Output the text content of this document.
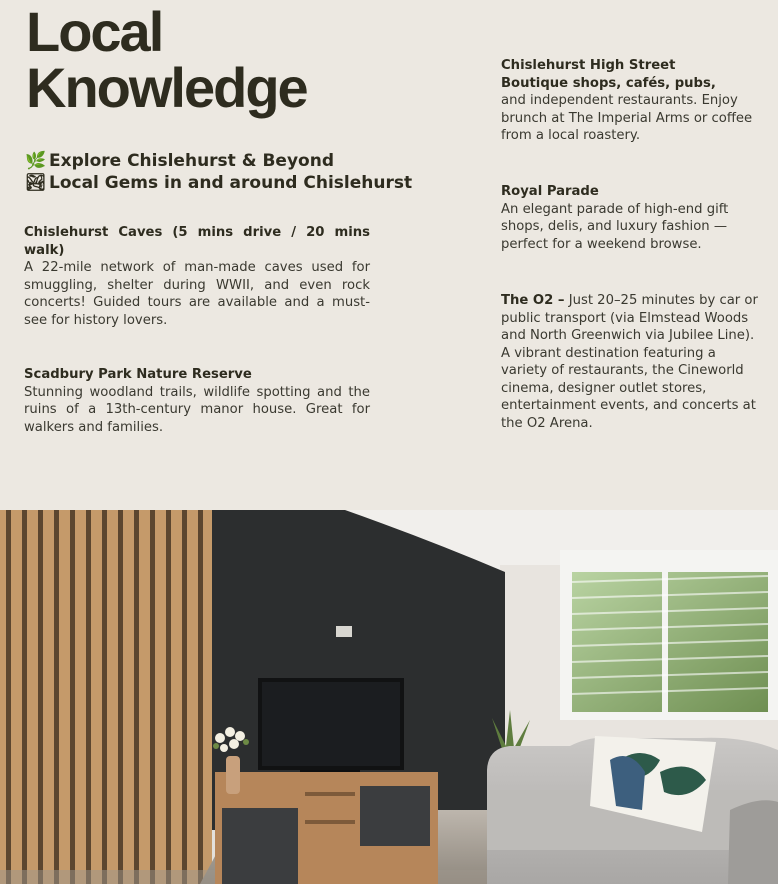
Local
Knowledge
🌿 Explore Chislehurst & Beyond
🏞 Local Gems in and around Chislehurst
Chislehurst Caves (5 mins drive / 20 mins walk)
A 22-mile network of man-made caves used for smuggling, shelter during WWII, and even rock concerts! Guided tours are available and a must-see for history lovers.
Scadbury Park Nature Reserve
Stunning woodland trails, wildlife spotting and the ruins of a 13th-century manor house. Great for walkers and families.
Chislehurst High Street
Boutique shops, cafés, pubs,
and independent restaurants. Enjoy brunch at The Imperial Arms or coffee from a local roastery.
Royal Parade
An elegant parade of high-end gift shops, delis, and luxury fashion — perfect for a weekend browse.
The O2 – Just 20–25 minutes by car or public transport (via Elmstead Woods and North Greenwich via Jubilee Line). A vibrant destination featuring a variety of restaurants, the Cineworld cinema, designer outlet stores, entertainment events, and concerts at the O2 Arena.
